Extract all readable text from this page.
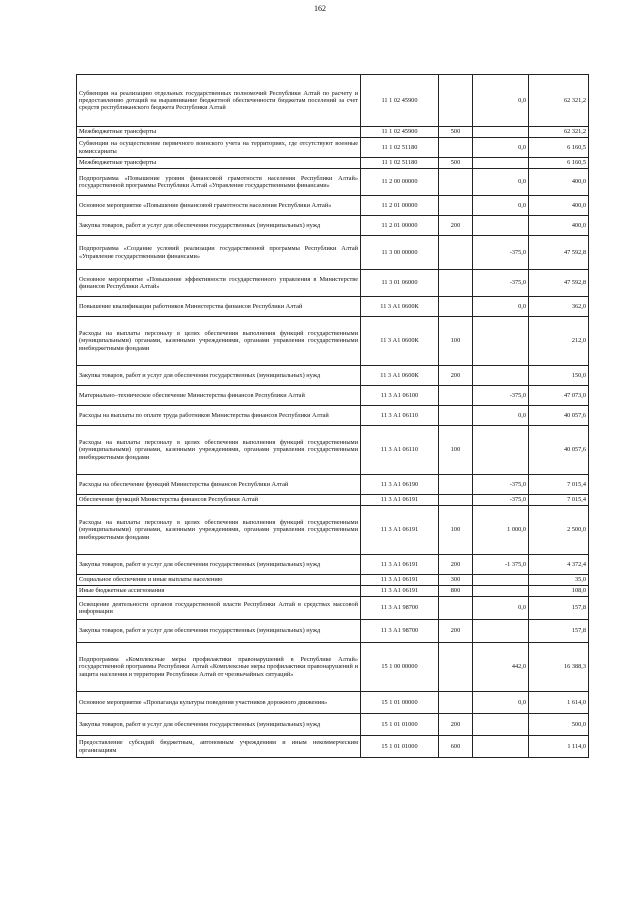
162
Субвенции на реализацию отдельных государственных полномочий Республики Алтай по расчету и предоставлению дотаций на выравнивание бюджетной обеспеченности бюджетам поселений за счет средств республиканского бюджета Республики Алтай	11 1 02 45900		0,0	62 321,2
Межбюджетные трансферты	11 1 02 45900	500		62 321,2
Субвенции на осуществление первичного воинского учета на территориях, где отсутствуют военные комиссариаты	11 1 02 51180		0,0	6 160,5
Межбюджетные трансферты	11 1 02 51180	500		6 160,5
Подпрограмма «Повышение уровня финансовой грамотности населения Республики Алтай» государственной программы Республики Алтай «Управление государственными финансами»	11 2 00 00000		0,0	400,0
Основное мероприятие «Повышение финансовой грамотности населения Республики Алтай»	11 2 01 00000		0,0	400,0
Закупка товаров, работ и услуг для обеспечения государственных (муниципальных) нужд	11 2 01 00000	200		400,0
Подпрограмма «Создание условий реализации государственной программы Республики Алтай «Управление государственными финансами»	11 3 00 00000		-375,0	47 592,8
Основное мероприятие «Повышение эффективности государственного управления в Министерстве финансов Республики Алтай»	11 3 01 06000		-375,0	47 592,8
Повышение квалификации работников Министерства финансов Республики Алтай	11 3 А1 0600К		0,0	362,0
Расходы на выплаты персоналу в целях обеспечения выполнения функций государственными (муниципальными) органами, казенными учреждениями, органами управления государственными внебюджетными фондами	11 3 А1 0600К	100		212,0
Закупка товаров, работ и услуг для обеспечения государственных (муниципальных) нужд	11 3 А1 0600К	200		150,0
Материально–техническое обеспечение Министерства финансов Республики Алтай	11 3 А1 06100		-375,0	47 073,0
Расходы на выплаты по оплате труда работников Министерства финансов Республики Алтай	11 3 А1 06110		0,0	40 057,6
Расходы на выплаты персоналу в целях обеспечения выполнения функций государственными (муниципальными) органами, казенными учреждениями, органами управления государственными внебюджетными фондами	11 3 А1 06110	100		40 057,6
Расходы на обеспечение функций Министерства финансов Республики Алтай	11 3 А1 06190		-375,0	7 015,4
Обеспечение функций Министерства финансов Республики Алтай	11 3 А1 06191		-375,0	7 015,4
Расходы на выплаты персоналу в целях обеспечения выполнения функций государственными (муниципальными) органами, казенными учреждениями, органами управления государственными внебюджетными фондами	11 3 А1 06191	100	1 000,0	2 500,0
Закупка товаров, работ и услуг для обеспечения государственных (муниципальных) нужд	11 3 А1 06191	200	-1 375,0	4 372,4
Социальное обеспечение и иные выплаты населению	11 3 А1 06191	300		35,0
Иные бюджетные ассигнования	11 3 А1 06191	800		108,0
Освещение деятельности органов государственной власти Республики Алтай в средствах массовой информации	11 3 А1 98700		0,0	157,8
Закупка товаров, работ и услуг для обеспечения государственных (муниципальных) нужд	11 3 А1 98700	200		157,8
Подпрограмма «Комплексные меры профилактики правонарушений в Республике Алтай» государственной программы Республики Алтай «Комплексные меры профилактики правонарушений и защита населения и территории Республики Алтай от чрезвычайных ситуаций»	15 1 00 00000		442,0	16 388,3
Основное мероприятие «Пропаганда культуры поведения участников дорожного движения»	15 1 01 00000		0,0	1 614,0
Закупка товаров, работ и услуг для обеспечения государственных (муниципальных) нужд	15 1 01 01000	200		500,0
Предоставление субсидий бюджетным, автономным учреждениям и иным некоммерческим организациям	15 1 01 01000	600		1 114,0
